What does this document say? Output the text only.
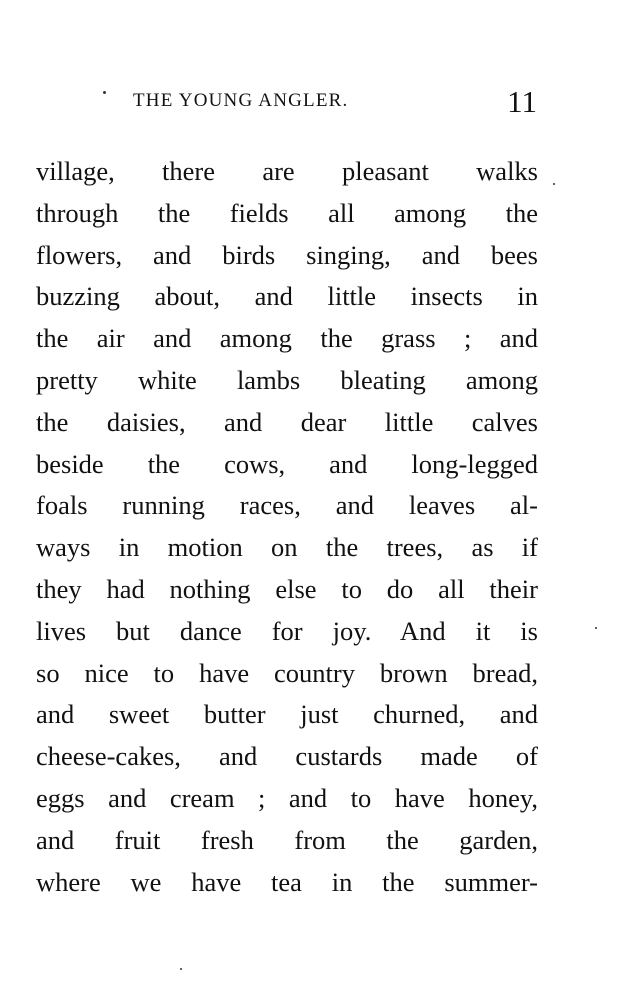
THE YOUNG ANGLER.	11
village, there are pleasant walks
through the fields all among the
flowers, and birds singing, and bees
buzzing about, and little insects in
the air and among the grass ; and
pretty white lambs bleating among
the daisies, and dear little calves
beside the cows, and long-legged
foals running races, and leaves al-
ways in motion on the trees, as if
they had nothing else to do all their
lives but dance for joy. And it is
so nice to have country brown bread,
and sweet butter just churned, and
cheese-cakes, and custards made of
eggs and cream ; and to have honey,
and fruit fresh from the garden,
where we have tea in the summer-
